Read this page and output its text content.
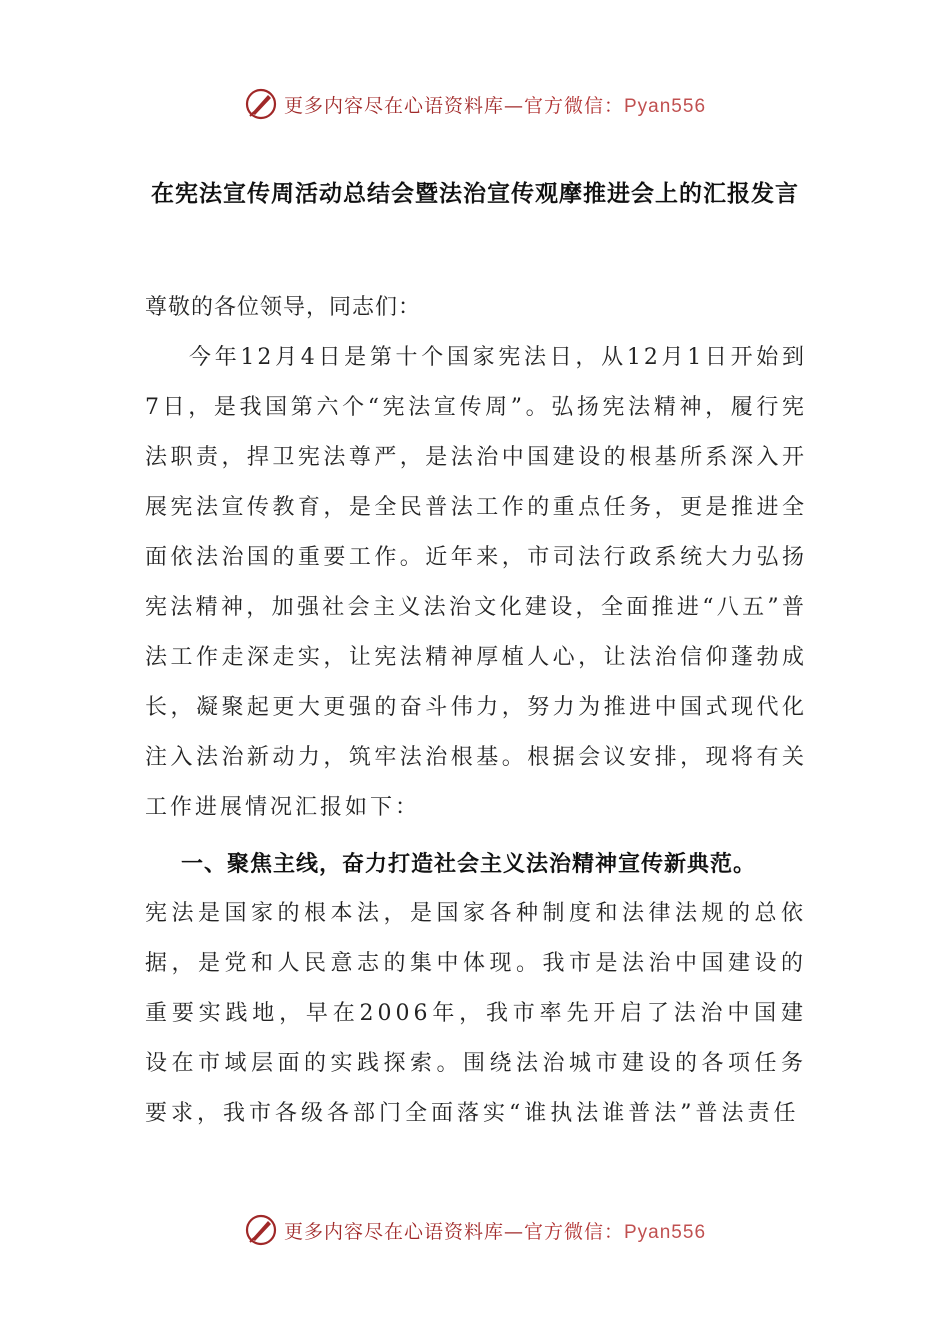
更多内容尽在心语资料库—官方微信：Pyan556
在宪法宣传周活动总结会暨法治宣传观摩推进会上的汇报发言

尊敬的各位领导，同志们：

今年12月4日是第十个国家宪法日，从12月1日开始到7日，是我国第六个“宪法宣传周”。弘扬宪法精神，履行宪法职责，捍卫宪法尊严，是法治中国建设的根基所系深入开展宪法宣传教育，是全民普法工作的重点任务，更是推进全面依法治国的重要工作。近年来，市司法行政系统大力弘扬宪法精神，加强社会主义法治文化建设，全面推进“八五”普法工作走深走实，让宪法精神厚植人心，让法治信仰蓬勃成长，凝聚起更大更强的奋斗伟力，努力为推进中国式现代化注入法治新动力，筑牢法治根基。根据会议安排，现将有关工作进展情况汇报如下：

一、聚焦主线，奋力打造社会主义法治精神宣传新典范。

宪法是国家的根本法，是国家各种制度和法律法规的总依据，是党和人民意志的集中体现。我市是法治中国建设的重要实践地，早在2006年，我市率先开启了法治中国建设在市域层面的实践探索。围绕法治城市建设的各项任务要求，我市各级各部门全面落实“谁执法谁普法”普法责任

更多内容尽在心语资料库—官方微信：Pyan556
